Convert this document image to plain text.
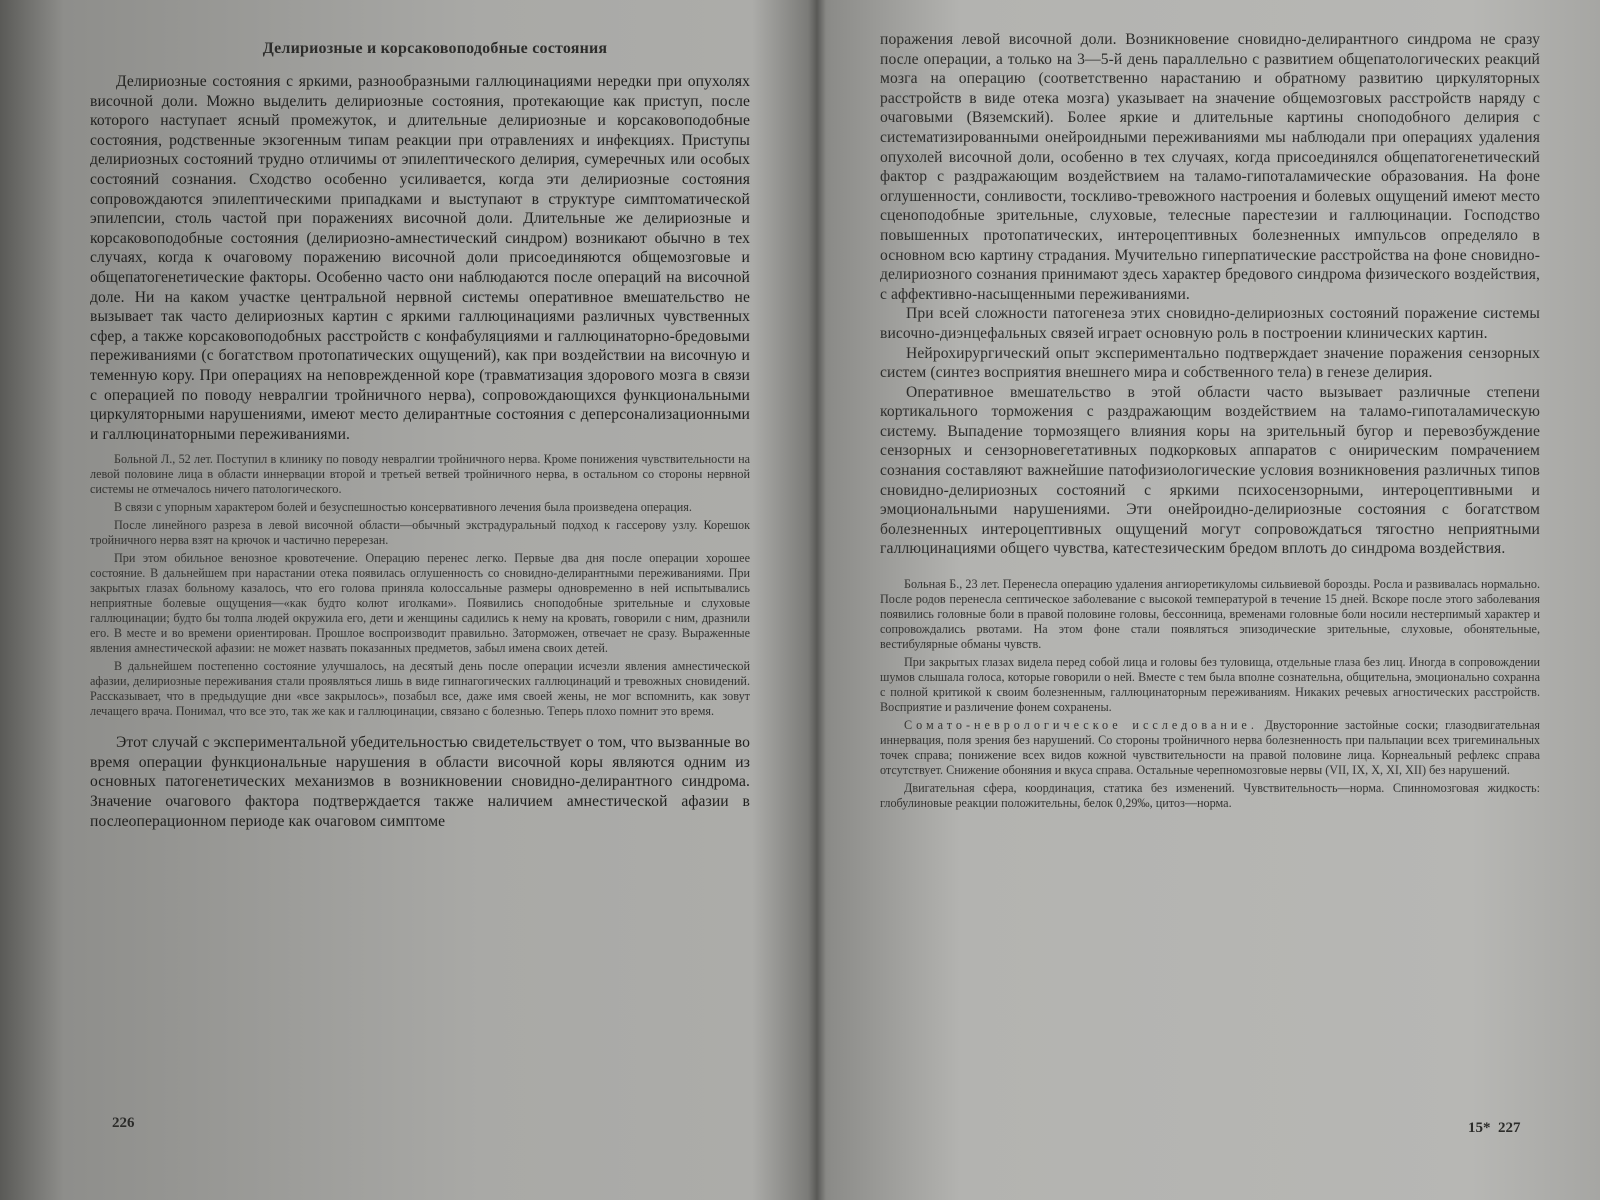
Делириозные и корсаковоподобные состояния

Делириозные состояния с яркими, разнообразными галлюцинациями нередки при опухолях височной доли. Можно выделить делириозные состояния, протекающие как приступ, после которого наступает ясный промежуток, и длительные делириозные и корсаковоподобные состояния, родственные экзогенным типам реакции при отравлениях и инфекциях. Приступы делириозных состояний трудно отличимы от эпилептического делирия, сумеречных или особых состояний сознания. Сходство особенно усиливается, когда эти делириозные состояния сопровождаются эпилептическими припадками и выступают в структуре симптоматической эпилепсии, столь частой при поражениях височной доли. Длительные же делириозные и корсаковоподобные состояния (делириозно-амнестический синдром) возникают обычно в тех случаях, когда к очаговому поражению височной доли присоединяются общемозговые и общепатогенетические факторы. Особенно часто они наблюдаются после операций на височной доле. Ни на каком участке центральной нервной системы оперативное вмешательство не вызывает так часто делириозных картин с яркими галлюцинациями различных чувственных сфер, а также корсаковоподобных расстройств с конфабуляциями и галлюцинаторно-бредовыми переживаниями (с богатством протопатических ощущений), как при воздействии на височную и теменную кору. При операциях на неповрежденной коре (травматизация здорового мозга в связи с операцией по поводу невралгии тройничного нерва), сопровождающихся функциональными циркуляторными нарушениями, имеют место делирантные состояния с деперсонализационными и галлюцинаторными переживаниями.

Больной Л., 52 лет. Поступил в клинику по поводу невралгии тройничного нерва. Кроме понижения чувствительности на левой половине лица в области иннервации второй и третьей ветвей тройничного нерва, в остальном со стороны нервной системы не отмечалось ничего патологического.

В связи с упорным характером болей и безуспешностью консервативного лечения была произведена операция.

После линейного разреза в левой височной области—обычный экстрадуральный подход к гассерову узлу. Корешок тройничного нерва взят на крючок и частично перерезан.

При этом обильное венозное кровотечение. Операцию перенес легко. Первые два дня после операции хорошее состояние. В дальнейшем при нарастании отека появилась оглушенность со сновидно-делирантными переживаниями. При закрытых глазах больному казалось, что его голова приняла колоссальные размеры одновременно в ней испытывались неприятные болевые ощущения—«как будто колют иголками». Появились сноподобные зрительные и слуховые галлюцинации; будто бы толпа людей окружила его, дети и женщины садились к нему на кровать, говорили с ним, дразнили его. В месте и во времени ориентирован. Прошлое воспроизводит правильно. Заторможен, отвечает не сразу. Выраженные явления амнестической афазии: не может назвать показанных предметов, забыл имена своих детей.

В дальнейшем постепенно состояние улучшалось, на десятый день после операции исчезли явления амнестической афазии, делириозные переживания стали проявляться лишь в виде гипнагогических галлюцинаций и тревожных сновидений. Рассказывает, что в предыдущие дни «все закрылось», позабыл все, даже имя своей жены, не мог вспомнить, как зовут лечащего врача. Понимал, что все это, так же как и галлюцинации, связано с болезнью. Теперь плохо помнит это время.

Этот случай с экспериментальной убедительностью свидетельствует о том, что вызванные во время операции функциональные нарушения в области височной коры являются одним из основных патогенетических механизмов в возникновении сновидно-делирантного синдрома. Значение очагового фактора подтверждается также наличием амнестической афазии в послеоперационном периоде как очаговом симптоме

226

поражения левой височной доли. Возникновение сновидно-делирантного синдрома не сразу после операции, а только на 3—5-й день параллельно с развитием общепатологических реакций мозга на операцию (соответственно нарастанию и обратному развитию циркуляторных расстройств в виде отека мозга) указывает на значение общемозговых расстройств наряду с очаговыми (Вяземский). Более яркие и длительные картины сноподобного делирия с систематизированными онейроидными переживаниями мы наблюдали при операциях удаления опухолей височной доли, особенно в тех случаях, когда присоединялся общепатогенетический фактор с раздражающим воздействием на таламо-гипоталамические образования. На фоне оглушенности, сонливости, тоскливо-тревожного настроения и болевых ощущений имеют место сценоподобные зрительные, слуховые, телесные парестезии и галлюцинации. Господство повышенных протопатических, интероцептивных болезненных импульсов определяло в основном всю картину страдания. Мучительно гиперпатические расстройства на фоне сновидно-делириозного сознания принимают здесь характер бредового синдрома физического воздействия, с аффективно-насыщенными переживаниями.

При всей сложности патогенеза этих сновидно-делириозных состояний поражение системы височно-диэнцефальных связей играет основную роль в построении клинических картин.

Нейрохирургический опыт экспериментально подтверждает значение поражения сензорных систем (синтез восприятия внешнего мира и собственного тела) в генезе делирия.

Оперативное вмешательство в этой области часто вызывает различные степени кортикального торможения с раздражающим воздействием на таламо-гипоталамическую систему. Выпадение тормозящего влияния коры на зрительный бугор и перевозбуждение сензорных и сензорновегетативных подкорковых аппаратов с онирическим помрачением сознания составляют важнейшие патофизиологические условия возникновения различных типов сновидно-делириозных состояний с яркими психосензорными, интероцептивными и эмоциональными нарушениями. Эти онейроидно-делириозные состояния с богатством болезненных интероцептивных ощущений могут сопровождаться тягостно неприятными галлюцинациями общего чувства, катестезическим бредом вплоть до синдрома воздействия.

Больная Б., 23 лет. Перенесла операцию удаления ангиоретикуломы сильвиевой борозды. Росла и развивалась нормально. После родов перенесла септическое заболевание с высокой температурой в течение 15 дней. Вскоре после этого заболевания появились головные боли в правой половине головы, бессонница, временами головные боли носили нестерпимый характер и сопровождались рвотами. На этом фоне стали появляться эпизодические зрительные, слуховые, обонятельные, вестибулярные обманы чувств.

При закрытых глазах видела перед собой лица и головы без туловища, отдельные глаза без лиц. Иногда в сопровождении шумов слышала голоса, которые говорили о ней. Вместе с тем была вполне сознательна, общительна, эмоционально сохранна с полной критикой к своим болезненным, галлюцинаторным переживаниям. Никаких речевых агностических расстройств. Восприятие и различение фонем сохранены.

Сомато-неврологическое исследование. Двусторонние застойные соски; глазодвигательная иннервация, поля зрения без нарушений. Со стороны тройничного нерва болезненность при пальпации всех тригеминальных точек справа; понижение всех видов кожной чувствительности на правой половине лица. Корнеальный рефлекс справа отсутствует. Снижение обоняния и вкуса справа. Остальные черепномозговые нервы (VII, IX, X, XI, XII) без нарушений.

Двигательная сфера, координация, статика без изменений. Чувствительность—норма. Спинномозговая жидкость: глобулиновые реакции положительны, белок 0,29‰, цитоз—норма.

15* 227
